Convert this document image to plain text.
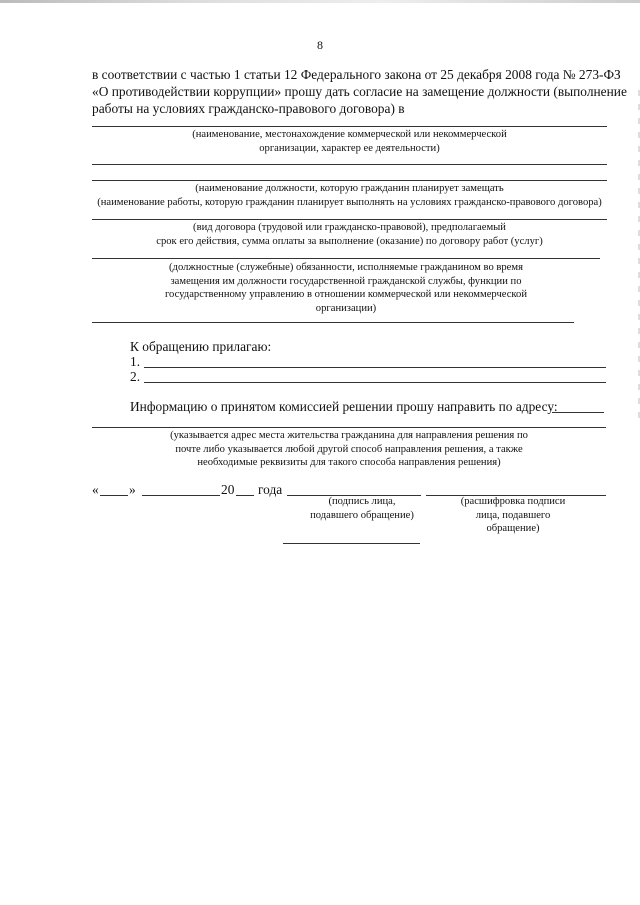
8
в соответствии с частью 1 статьи 12 Федерального закона от 25 декабря 2008 года № 273-ФЗ
«О противодействии коррупции» прошу дать согласие на замещение должности (выполнение
работы на условиях гражданско-правового договора) в
(наименование, местонахождение коммерческой или некоммерческой
организации, характер ее деятельности)
(наименование должности, которую гражданин планирует замещать
(наименование работы, которую гражданин планирует выполнять на условиях гражданско-правового договора)
(вид договора (трудовой или гражданско-правовой), предполагаемый
срок его действия, сумма оплаты за выполнение (оказание) по договору работ (услуг)
(должностные (служебные) обязанности, исполняемые гражданином во время
замещения им должности государственной гражданской службы, функции по
государственному управлению в отношении коммерческой или некоммерческой
организации)
К обращению прилагаю:
1.
2.
Информацию о принятом комиссией решении прошу направить по адресу:
(указывается адрес места жительства гражданина для направления решения по
почте либо указывается любой другой способ направления решения, а также
необходимые реквизиты для такого способа направления решения)
« »	20 года
(подпись лица,
подавшего обращение)
(расшифровка подписи
лица, подавшего
обращение)
